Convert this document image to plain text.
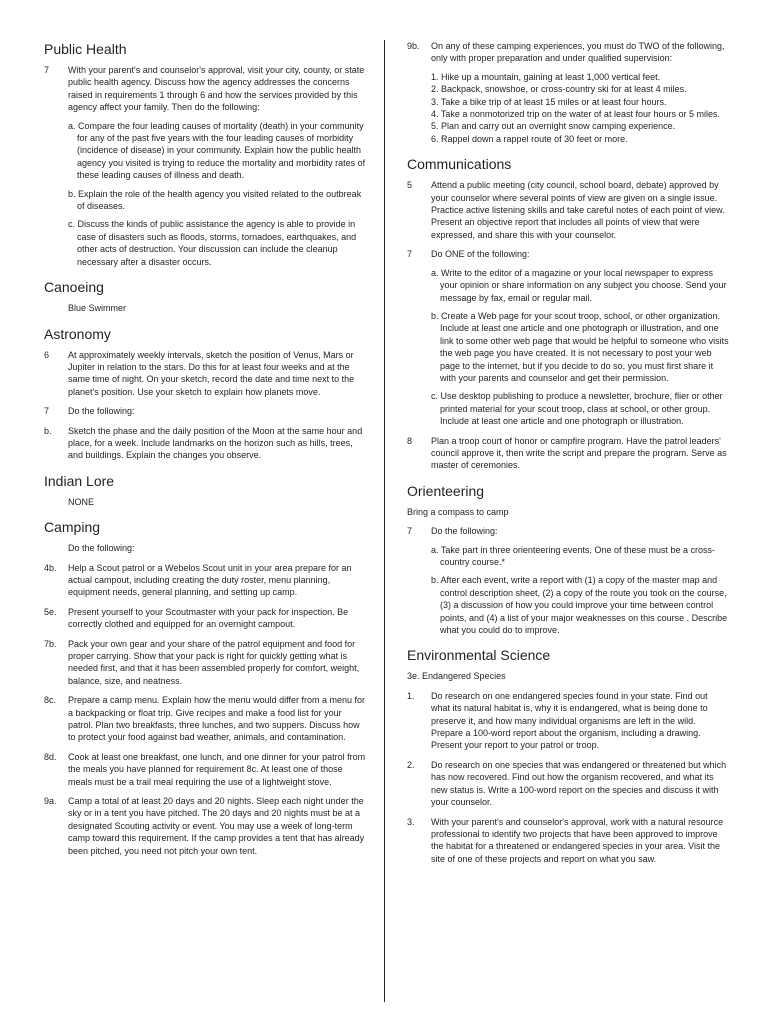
Public Health
7 With your parent's and counselor's approval, visit your city, county, or state public health agency. Discuss how the agency addresses the concerns raised in requirements 1 through 6 and how the services provided by this agency affect your family. Then do the following:
a. Compare the four leading causes of mortality (death) in your community for any of the past five years with the four leading causes of morbidity (incidence of disease) in your community. Explain how the public health agency you visited is trying to reduce the mortality and morbidity rates of these leading causes of illness and death.
b. Explain the role of the health agency you visited related to the outbreak of diseases.
c. Discuss the kinds of public assistance the agency is able to provide in case of disasters such as floods, storms, tornadoes, earthquakes, and other acts of destruction. Your discussion can include the cleanup necessary after a disaster occurs.
Canoeing
Blue Swimmer
Astronomy
6 At approximately weekly intervals, sketch the position of Venus, Mars or Jupiter in relation to the stars. Do this for at least four weeks and at the same time of night. On your sketch, record the date and time next to the planet's position. Use your sketch to explain how planets move.
7 Do the following:
b. Sketch the phase and the daily position of the Moon at the same hour and place, for a week. Include landmarks on the horizon such as hills, trees, and buildings. Explain the changes you observe.
Indian Lore
NONE
Camping
Do the following:
4b. Help a Scout patrol or a Webelos Scout unit in your area prepare for an actual campout, including creating the duty roster, menu planning, equipment needs, general planning, and setting up camp.
5e. Present yourself to your Scoutmaster with your pack for inspection. Be correctly clothed and equipped for an overnight campout.
7b. Pack your own gear and your share of the patrol equipment and food for proper carrying. Show that your pack is right for quickly getting what is needed first, and that it has been assembled properly for comfort, weight, balance, size, and neatness.
8c. Prepare a camp menu. Explain how the menu would differ from a menu for a backpacking or float trip. Give recipes and make a food list for your patrol. Plan two breakfasts, three lunches, and two suppers. Discuss how to protect your food against bad weather, animals, and contamination.
8d. Cook at least one breakfast, one lunch, and one dinner for your patrol from the meals you have planned for requirement 8c. At least one of those meals must be a trail meal requiring the use of a lightweight stove.
9a. Camp a total of at least 20 days and 20 nights. Sleep each night under the sky or in a tent you have pitched. The 20 days and 20 nights must be at a designated Scouting activity or event. You may use a week of long-term camp toward this requirement. If the camp provides a tent that has already been pitched, you need not pitch your own tent.
9b. On any of these camping experiences, you must do TWO of the following, only with proper preparation and under qualified supervision:
1. Hike up a mountain, gaining at least 1,000 vertical feet.
2. Backpack, snowshoe, or cross-country ski for at least 4 miles.
3. Take a bike trip of at least 15 miles or at least four hours.
4. Take a nonmotorized trip on the water of at least four hours or 5 miles.
5. Plan and carry out an overnight snow camping experience.
6. Rappel down a rappel route of 30 feet or more.
Communications
5 Attend a public meeting (city council, school board, debate) approved by your counselor where several points of view are given on a single issue. Practice active listening skills and take careful notes of each point of view. Present an objective report that includes all points of view that were expressed, and share this with your counselor.
7 Do ONE of the following:
a. Write to the editor of a magazine or your local newspaper to express your opinion or share information on any subject you choose. Send your message by fax, email or regular mail.
b. Create a Web page for your scout troop, school, or other organization. Include at least one article and one photograph or illustration, and one link to some other web page that would be helpful to someone who visits the web page you have created. It is not necessary to post your web page to the internet, but if you decide to do so, you must first share it with your parents and counselor and get their permission.
c. Use desktop publishing to produce a newsletter, brochure, flier or other printed material for your scout troop, class at school, or other group. Include at least one article and one photograph or illustration.
8 Plan a troop court of honor or campfire program. Have the patrol leaders' council approve it, then write the script and prepare the program. Serve as master of ceremonies.
Orienteering
Bring a compass to camp
7 Do the following:
a. Take part in three orienteering events. One of these must be a cross-country course.*
b. After each event, write a report with (1) a copy of the master map and control description sheet, (2) a copy of the route you took on the course, (3) a discussion of how you could improve your time between control points, and (4) a list of your major weaknesses on this course . Describe what you could do to improve.
Environmental Science
3e. Endangered Species
1. Do research on one endangered species found in your state. Find out what its natural habitat is, why it is endangered, what is being done to preserve it, and how many individual organisms are left in the wild. Prepare a 100-word report about the organism, including a drawing. Present your report to your patrol or troop.
2. Do research on one species that was endangered or threatened but which has now recovered. Find out how the organism recovered, and what its new status is. Write a 100-word report on the species and discuss it with your counselor.
3. With your parent's and counselor's approval, work with a natural resource professional to identify two projects that have been approved to improve the habitat for a threatened or endangered species in your area. Visit the site of one of these projects and report on what you saw.
